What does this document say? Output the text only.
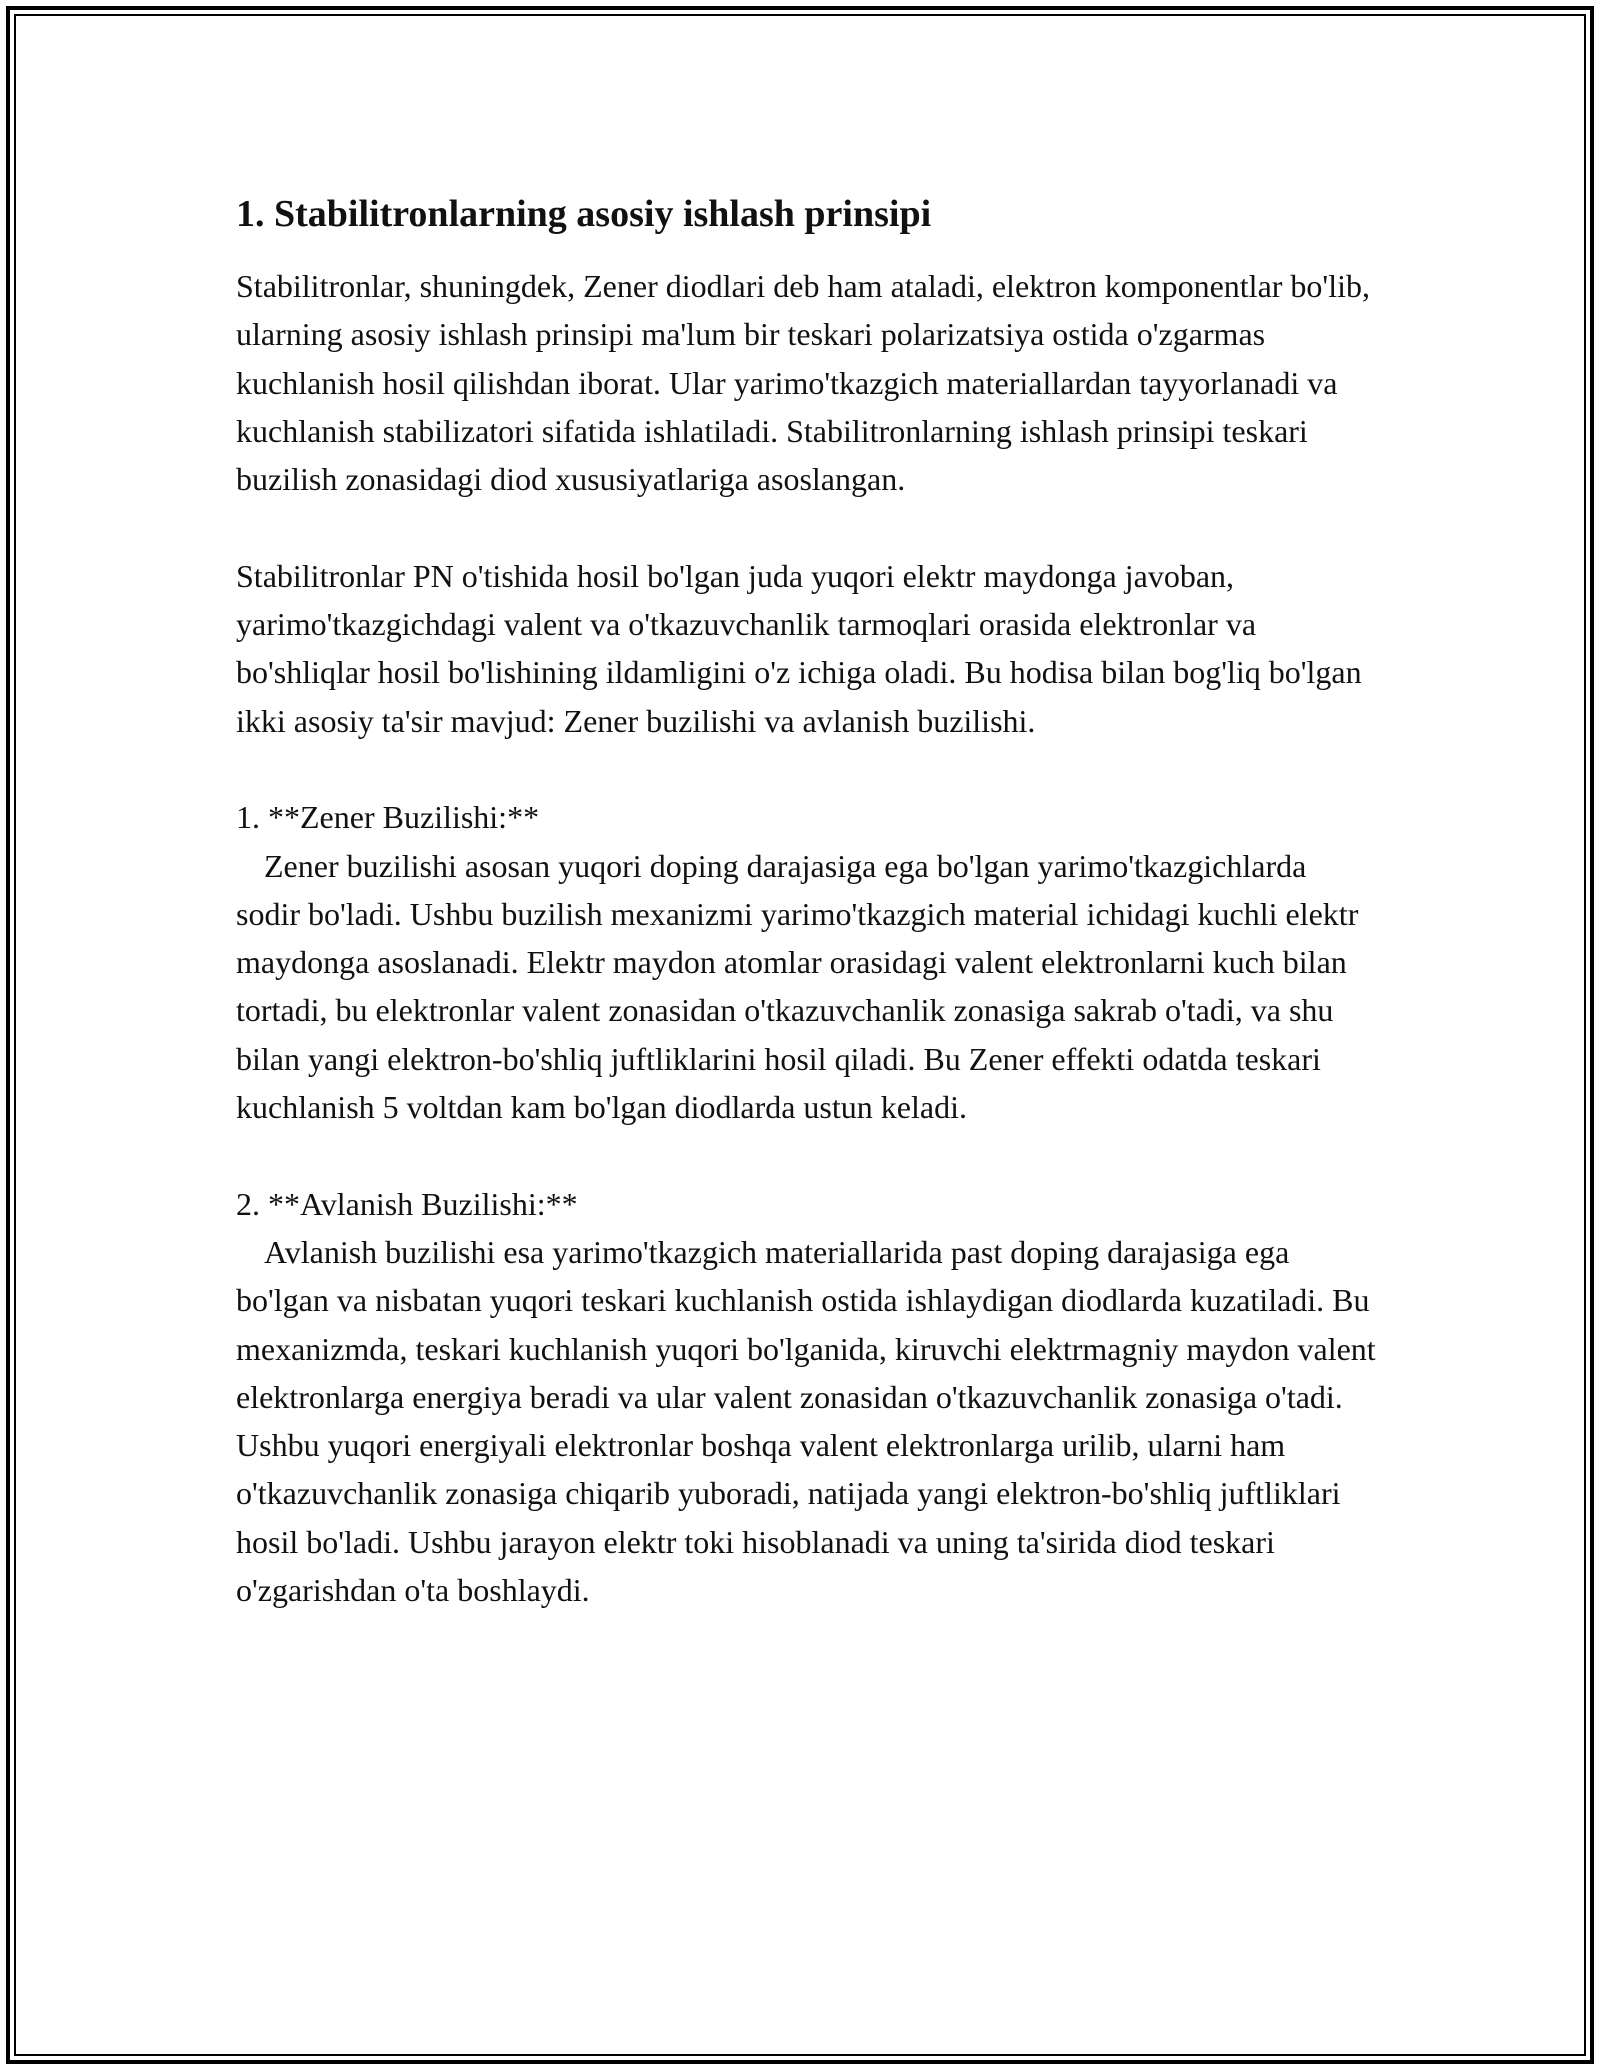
1. Stabilitronlarning asosiy ishlash prinsipi

Stabilitronlar, shuningdek, Zener diodlari deb ham ataladi, elektron komponentlar bo'lib, ularning asosiy ishlash prinsipi ma'lum bir teskari polarizatsiya ostida o'zgarmas kuchlanish hosil qilishdan iborat. Ular yarimo'tkazgich materiallardan tayyorlanadi va kuchlanish stabilizatori sifatida ishlatiladi. Stabilitronlarning ishlash prinsipi teskari buzilish zonasidagi diod xususiyatlariga asoslangan.

Stabilitronlar PN o'tishida hosil bo'lgan juda yuqori elektr maydonga javoban, yarimo'tkazgichdagi valent va o'tkazuvchanlik tarmoqlari orasida elektronlar va bo'shliqlar hosil bo'lishining ildamligini o'z ichiga oladi. Bu hodisa bilan bog'liq bo'lgan ikki asosiy ta'sir mavjud: Zener buzilishi va avlanish buzilishi.

1. **Zener Buzilishi:**

Zener buzilishi asosan yuqori doping darajasiga ega bo'lgan yarimo'tkazgichlarda sodir bo'ladi. Ushbu buzilish mexanizmi yarimo'tkazgich material ichidagi kuchli elektr maydonga asoslanadi. Elektr maydon atomlar orasidagi valent elektronlarni kuch bilan tortadi, bu elektronlar valent zonasidan o'tkazuvchanlik zonasiga sakrab o'tadi, va shu bilan yangi elektron-bo'shliq juftliklarini hosil qiladi. Bu Zener effekti odatda teskari kuchlanish 5 voltdan kam bo'lgan diodlarda ustun keladi.

2. **Avlanish Buzilishi:**

Avlanish buzilishi esa yarimo'tkazgich materiallarida past doping darajasiga ega bo'lgan va nisbatan yuqori teskari kuchlanish ostida ishlaydigan diodlarda kuzatiladi. Bu mexanizmda, teskari kuchlanish yuqori bo'lganida, kiruvchi elektrmagniy maydon valent elektronlarga energiya beradi va ular valent zonasidan o'tkazuvchanlik zonasiga o'tadi. Ushbu yuqori energiyali elektronlar boshqa valent elektronlarga urilib, ularni ham o'tkazuvchanlik zonasiga chiqarib yuboradi, natijada yangi elektron-bo'shliq juftliklari hosil bo'ladi. Ushbu jarayon elektr toki hisoblanadi va uning ta'sirida diod teskari o'zgarishdan o'ta boshlaydi.
